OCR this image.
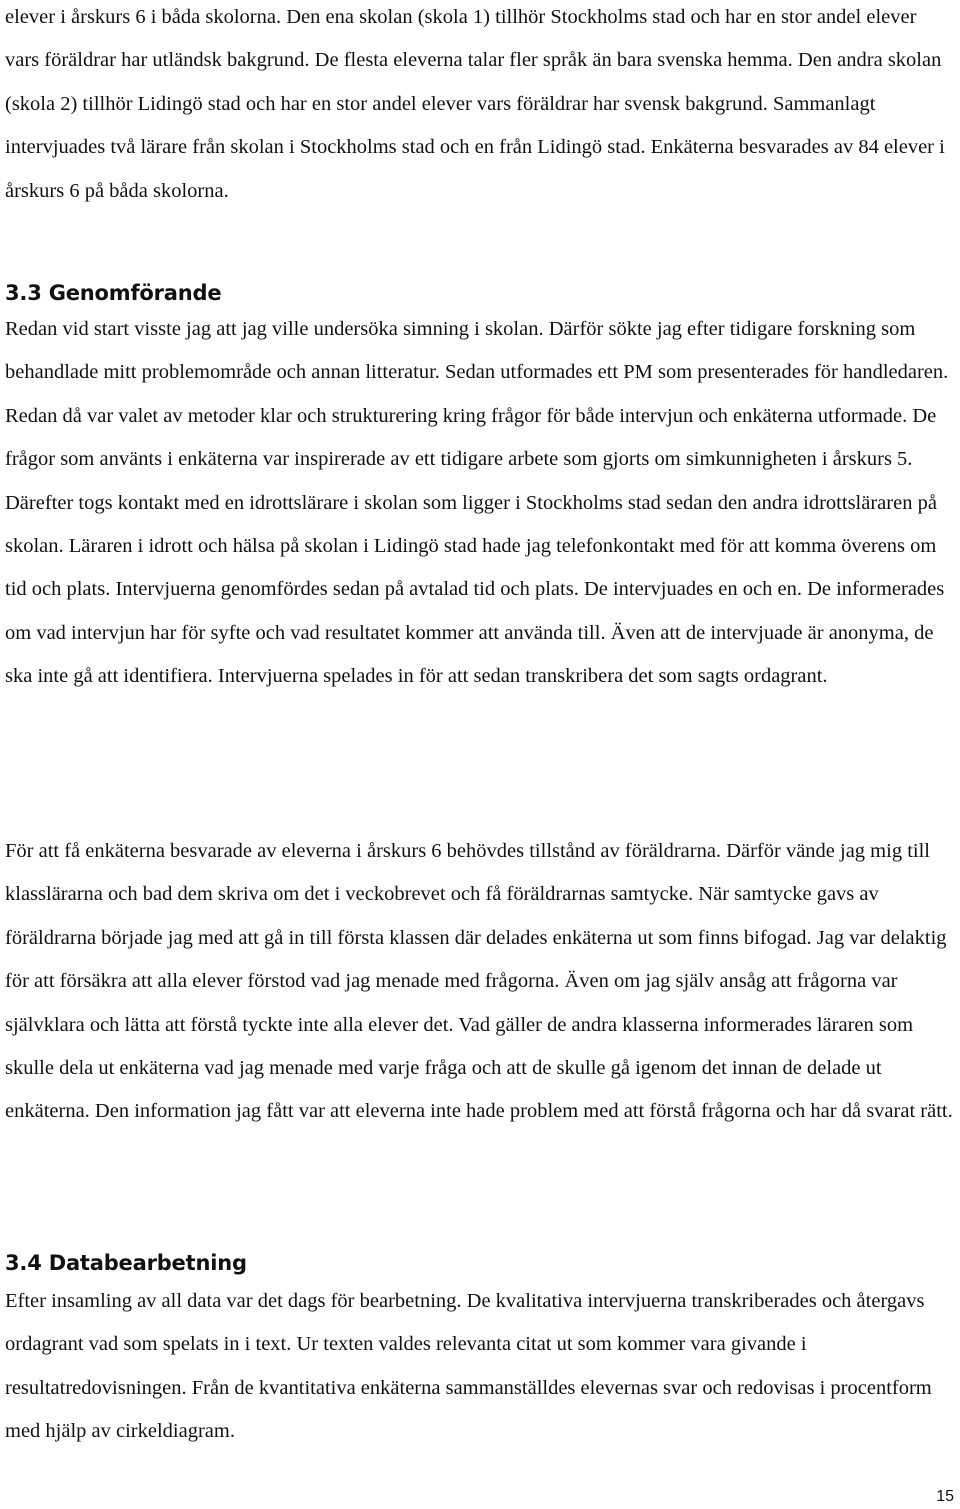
elever i årskurs 6 i båda skolorna. Den ena skolan (skola 1) tillhör Stockholms stad och har en stor andel elever vars föräldrar har utländsk bakgrund. De flesta eleverna talar fler språk än bara svenska hemma. Den andra skolan (skola 2) tillhör Lidingö stad och har en stor andel elever vars föräldrar har svensk bakgrund. Sammanlagt intervjuades två lärare från skolan i Stockholms stad och en från Lidingö stad. Enkäterna besvarades av 84 elever i årskurs 6 på båda skolorna.

3.3 Genomförande

Redan vid start visste jag att jag ville undersöka simning i skolan. Därför sökte jag efter tidigare forskning som behandlade mitt problemområde och annan litteratur. Sedan utformades ett PM som presenterades för handledaren. Redan då var valet av metoder klar och strukturering kring frågor för både intervjun och enkäterna utformade. De frågor som använts i enkäterna var inspirerade av ett tidigare arbete som gjorts om simkunnigheten i årskurs 5. Därefter togs kontakt med en idrottslärare i skolan som ligger i Stockholms stad sedan den andra idrottsläraren på skolan. Läraren i idrott och hälsa på skolan i Lidingö stad hade jag telefonkontakt med för att komma överens om tid och plats. Intervjuerna genomfördes sedan på avtalad tid och plats. De intervjuades en och en. De informerades om vad intervjun har för syfte och vad resultatet kommer att använda till. Även att de intervjuade är anonyma, de ska inte gå att identifiera. Intervjuerna spelades in för att sedan transkribera det som sagts ordagrant.

För att få enkäterna besvarade av eleverna i årskurs 6 behövdes tillstånd av föräldrarna. Därför vände jag mig till klasslärarna och bad dem skriva om det i veckobrevet och få föräldrarnas samtycke. När samtycke gavs av föräldrarna började jag med att gå in till första klassen där delades enkäterna ut som finns bifogad. Jag var delaktig för att försäkra att alla elever förstod vad jag menade med frågorna. Även om jag själv ansåg att frågorna var självklara och lätta att förstå tyckte inte alla elever det. Vad gäller de andra klasserna informerades läraren som skulle dela ut enkäterna vad jag menade med varje fråga och att de skulle gå igenom det innan de delade ut enkäterna. Den information jag fått var att eleverna inte hade problem med att förstå frågorna och har då svarat rätt.

3.4 Databearbetning

Efter insamling av all data var det dags för bearbetning. De kvalitativa intervjuerna transkriberades och återgavs ordagrant vad som spelats in i text. Ur texten valdes relevanta citat ut som kommer vara givande i resultatredovisningen. Från de kvantitativa enkäterna sammanställdes elevernas svar och redovisas i procentform med hjälp av cirkeldiagram.

15
